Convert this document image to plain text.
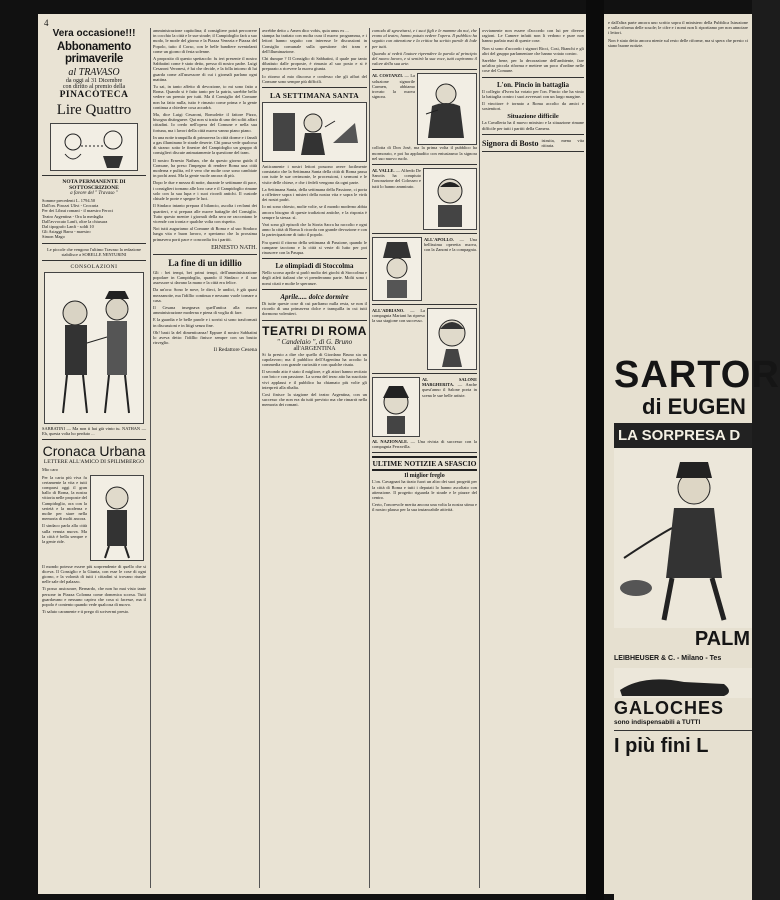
4
Vera occasione!!!
Abbonamento primaverile
al TRAVASO
da oggi al 31 Dicembre
con diritto al premio della
PINACOTECA
Lire Quattro
NOTA PERMANENTE DI SOTTOSCRIZIONE
a favore del " Travaso "
Somme precedenti L. 1794.50
Dall'on. Pirozzi Ulivi - Crocaria
Per dei Librai romani - il maestro Feroci
Teatro Argentina - Ora la medaglia
Dall'avvocato Lanfi, oltre la chiusura
Dal tipografo Lanfi - soldi 10
Gli Astaggi Barra - maestro
Simon Mago
Le piccole che vengono l'ultimo Travaso la redazione stabilisce a SORELLE NENTURINI
CONSOLAZIONI
SABBATINI — Ma non ti hai già vinto tu. NATHAN — Eh, questa volta ho perduto ...
Cronaca Urbana
LETTERE ALL'AMICO DI SPILIMBERGO
Mio caro

Per la carta più viva fu certamente la vita e tutti comparsi oggi il gran ballo di Roma, la nostra vittoria nelle proposte del Campidoglio, ora con la serietà e la moderna e molte per stare nella memoria di molti ancora.

Il sindaco parla alla città sulla venuta nuova. Ma la città è bella sempre e la gente ride.

Il mondo potesse essere più sorprendente di quello che si diceva. Il Consiglio e la Giunta, con esse le cose di ogni giorno, e la volontà di tutti i cittadini si trovano riunite nelle sale del palazzo.

Ti posso assicurare, Bernardo, che non ho mai visto tante persone in Piazza Colonna come domenica scorsa. Tutti guardavano e nessuno capiva che cosa si facesse, ma il popolo è contento quando vede qualcosa di nuovo.

Ti saluto caramente e ti prego di scrivermi presto.

amministrazione capitolina; il consigliere potrà percorrere in cocchio la città e le sue strade; il Campidoglio farà a suo modo, le mode del giorno e la Piazza Venezia e Piazza del Popolo, tutto il Corso, con le belle bandiere sventolanti come un giorno di festa solenne.

A proposito di questo spettacolo: fu ieri presente il nostro Sabbatini come è stato detto, presso di nostro padre. Luigi Cesaroni Veronesi, è lui che decide, e la folla intorno di lui guarda come all'assessore di cui i giornali parlano ogni mattina.

Tu sai, in tanto affetto di devozione, io mi sono fatto a Roma. Quando si è fatto tanto per la patria, sarebbe bello vedere un premio per tutti. Ma il Consiglio del Comune non ha fatto nulla, tutto è rimasto come prima e la gente continua a chiedere cosa accadrà.

Ma, dice Luigi Cesaroni, Romolette il fattore Pizzo, bisogna distinguere. Qui non si tratta di uno dei soliti affari cittadini. Io credo nell'opera del Comune e nella sua fortuna, ma i lavori della città nuova vanno piano piano.

In una notte tranquilla di primavera la città dorme e i fanali a gas illuminano le strade deserte. Chi passa vede qualcosa di strano: sotto le finestre del Campidoglio un gruppo di consiglieri discute animatamente la questione del tram.

Il nostro Ernesto Nathan, che da questo giorno guida il Comune, ha preso l'impegno di rendere Roma una città moderna e pulita, ed è vero che molte cose sono cambiate in pochi anni. Ma la gente vuole ancora di più.

Dopo le due e mezza di notte, durante le settimane di pace, i consiglieri tornano alle loro case e il Campidoglio rimane solo con la sua lupa e i suoi ricordi antichi. Il custode chiude le porte e spegne le luci.

Il Sindaco intanto prepara il bilancio, ascolta i reclami dei quartieri, e si prepara alle nuove battaglie del Consiglio. Tutto questo mentre i giornali della sera ne raccontano le vicende con ironia e qualche volta con rispetto.

Noi tutti auguriamo al Comune di Roma e al suo Sindaco lunga vita e buon lavoro, e speriamo che la prossima primavera porti pace e concordia fra i partiti.

ERNESTO NATH.
La fine di un idillio

Gli : bei tempi, bei primi tempi, dell'amministrazione popolare in Campidoglio, quando il Sindaco e il suo assessore si davano la mano e la città era felice.

Da un'ora: Sono le nove, le dieci, le undici, è già quasi mezzanotte, ma l'idillio continua e nessuno vuole tornare a casa.

Il Cesana insegnava quell'antica alla nuova amministrazione moderna e piena di voglia di fare.

E la guardia e le belle parole e i sorrisi si sono trasformati in discussioni e in litigi senza fine.

Oh! basti la del dimenticanza! Eppure il nostro Sabbatini lo aveva detto: l'idillio finisce sempre con un brutto risveglio.

Il Redattore Cesena
avrebbe detto « Amen dico vobis, quia unus ex ...

stampa ha trattato con molta cura il nuovo programma, e i lettori hanno seguito con interesse le discussioni in Consiglio comunale sulla questione dei tram e dell'illuminazione.

Chi dunque ? Il Consiglio di Sabbatini, il quale pur tanto dibattuto dalle proposte, è rimasto al suo posto e si è preparato a ricevere la nuova giunta.

Io ritorno al mio discorso e confesso che gli affari del Comune sono sempre più difficili.

LA SETTIMANA SANTA

Anticamente i nostri lettori possono avere facilmente constatato che la Settimana Santa della città di Roma passa con tutte le sue cerimonie, le processioni, i sermoni e le visite delle chiese, e che i fedeli vengono da ogni parte.

La Settimana Santa, della settimana della Passione, ci porta a riflettere sopra i misteri della nostra vita e sopra le virtù dei nostri padri.

Io mi sono chiesto, molte volte, se il mondo moderno abbia ancora bisogno di queste tradizioni antiche, e la risposta è sempre la stessa: sì.

Vari sono gli episodi che la Storia Sacra ha raccolto e ogni anno la città di Roma li ricorda con grande devozione e con la partecipazione di tutto il popolo.

Fra questi il ritorno della settimana di Passione, quando le campane tacciono e la città si veste di lutto per poi rinascere con la Pasqua.

Le olimpiadi di Stoccolma

Nello scorso aprile si parlò molto dei giochi di Stoccolma e degli atleti italiani che vi prenderanno parte. Molti sono i nomi citati e molte le speranze.

Aprile..... dolce dormire

Di tutte queste cose di cui parliamo nulla resta, se non il ricordo di una primavera dolce e tranquilla in cui tutti dormono volentieri.

TEATRI DI ROMA
" Candelaio ", di G. Bruno
all'ARGENTINA

Si fa presto a dire che quello di Giordano Bruno sia un capolavoro; ma il pubblico dell'Argentina ha accolto la commedia con grande curiosità e con qualche risata.

Il secondo atto è stato il migliore, e gli attori hanno recitato con brio e con passione. La scena del terzo atto ha suscitato vivi applausi e il pubblico ha chiamato più volte gli interpreti alla ribalta.

Così finisce la stagione del teatro Argentina, con un successo che non era da tutti previsto ma che rimarrà nella memoria dei romani.

comodo di sgravitarsi, e i suoi figli e le mamme da noi, che erano al teatro, hanno potuto vedere l'opera. Il pubblico ha seguito con attenzione e la critica ha scritto parole di lode per tutti.

Quando si vedrà l'autore riprendere la parola al principio del nuovo lavoro, e si sentirà la sua voce, tutti capiranno il valore della sua arte.

AL COSTANZI. — La soluzione signorile Carmen, abbiamo trovato la nuova signora.

collotta di Don José, ma la prima volta il pubblico ha mormorato, e poi ha applaudito con entusiasmo la signora nel suo nuovo ruolo.

AL VALLE. — Alfredo De Sanctis ha compiuto l'onorazione del Colosseo e tutti lo hanno ammirato.
ALL'APOLLO. — Una bellissima operetta nuova, con la Zanoni e la compagnia.
ALL'ADRIANO. — La compagnia Mariani ha ripreso la sua stagione con successo.
AL SALONE MARGHERITA. — Anche quest'anno il Salone porta in scena le sue belle artiste.
AL NAZIONALE. — Una rivista di successo con la compagnia Ferravilla.
ULTIME NOTIZIE A SFASCIO
Il miglior freglo

L'on. Cavagnari ha tirato fuori un altro dei suoi progetti per la città di Roma e tutti i deputati lo hanno ascoltato con attenzione. Il progetto riguarda le strade e le piazze del centro.

Certo, l'onorevole merita ancora una volta la nostra stima e il nostro plauso per la sua instancabile attività.

ovviamente non essere d'accordo con lui per diverse ragioni. Le Camere infatti non li vedono e pure non hanno parlato mai di queste cose.

Non si sono d'accordo i signori Ricci, Cosi, Bianchi e gli altri del gruppo parlamentare che hanno votato contro.

Sarebbe bene, per la decorazione dell'ambiente, fare un'altra piccola riforma e mettere un poco d'ordine nelle cose del Comune.

L'on. Pincio in battaglia

Il collegio d'Ivrea ha votato per l'on. Pincio che ha vinto la battaglia contro i suoi avversari con un largo margine.

Il vincitore è tornato a Roma accolto da amici e sostenitori.

Situazione difficile

La Cavalleria ha il nuovo ministro e la situazione rimane difficile per tutti i partiti della Camera.

Signora di Bosto istruita, mena vita ritirata.

e dall'altra parte ancora uno scritto sopra il ministero della Pubblica Istruzione e sulla riforma delle scuole; le cifre e i nomi non li riportiamo per non annoiare i lettori.

Non è stato detto ancora niente sul resto delle riforme, ma si spera che presto ci siano buone notizie.

SARTOR
di EUGEN
LA SORPRESA D
PALM
LEIBHEUSER & C. - Milano - Tes
GALOCHES
sono indispensabili a TUTTI
I più fini L
